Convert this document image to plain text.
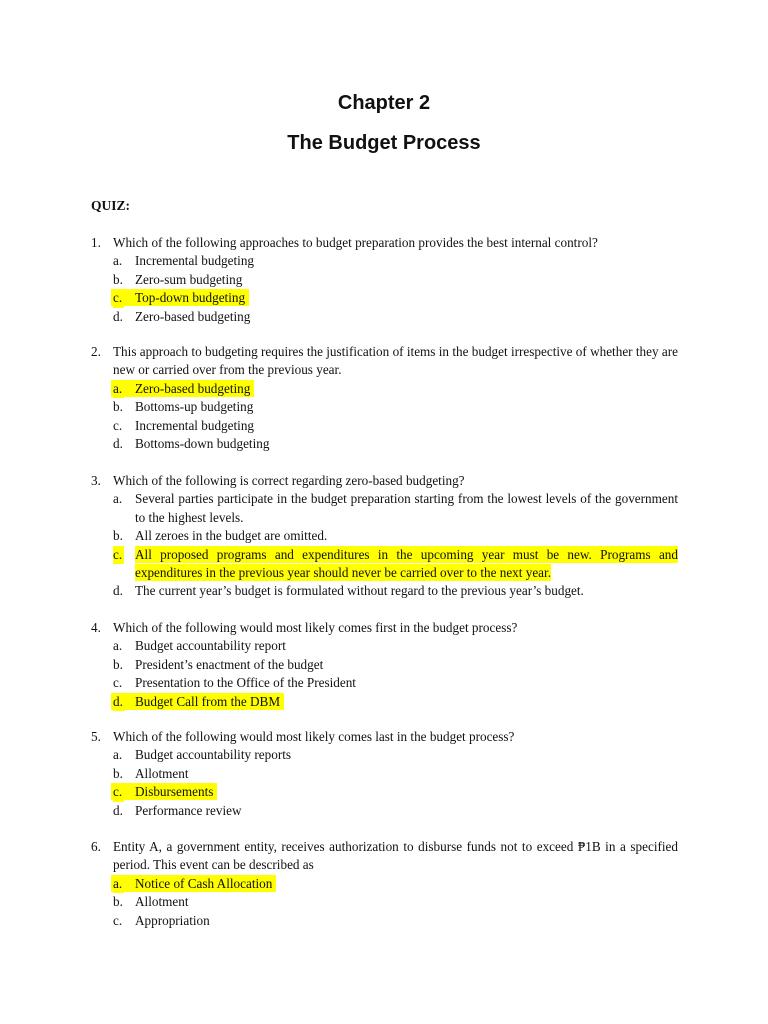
Chapter 2
The Budget Process

QUIZ:

1. Which of the following approaches to budget preparation provides the best internal control?
a. Incremental budgeting
b. Zero-sum budgeting
c. Top-down budgeting
d. Zero-based budgeting
2. This approach to budgeting requires the justification of items in the budget irrespective of whether they are new or carried over from the previous year.
a. Zero-based budgeting
b. Bottoms-up budgeting
c. Incremental budgeting
d. Bottoms-down budgeting
3. Which of the following is correct regarding zero-based budgeting?
a. Several parties participate in the budget preparation starting from the lowest levels of the government to the highest levels.
b. All zeroes in the budget are omitted.
c. All proposed programs and expenditures in the upcoming year must be new. Programs and expenditures in the previous year should never be carried over to the next year.
d. The current year’s budget is formulated without regard to the previous year’s budget.
4. Which of the following would most likely comes first in the budget process?
a. Budget accountability report
b. President’s enactment of the budget
c. Presentation to the Office of the President
d. Budget Call from the DBM
5. Which of the following would most likely comes last in the budget process?
a. Budget accountability reports
b. Allotment
c. Disbursements
d. Performance review
6. Entity A, a government entity, receives authorization to disburse funds not to exceed ₱1B in a specified period. This event can be described as
a. Notice of Cash Allocation
b. Allotment
c. Appropriation
